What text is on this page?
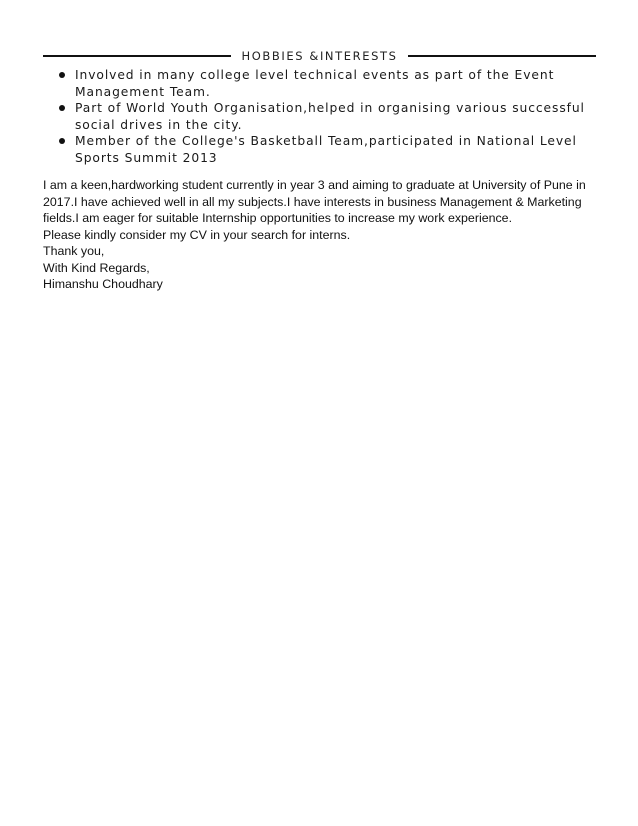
HOBBIES &INTERESTS
Involved in many college level technical events as part of the Event Management Team.
Part of World Youth Organisation,helped in organising various successful social drives in the city.
Member of the College's Basketball Team,participated in National Level Sports Summit 2013

I am a keen,hardworking student currently in year 3 and aiming to graduate at University of Pune in 2017.I have achieved well in all my subjects.I have interests in business Management & Marketing fields.I am eager for suitable Internship opportunities to increase my work experience.

Please kindly consider my CV in your search for interns.

Thank you,

With Kind Regards,

Himanshu Choudhary
